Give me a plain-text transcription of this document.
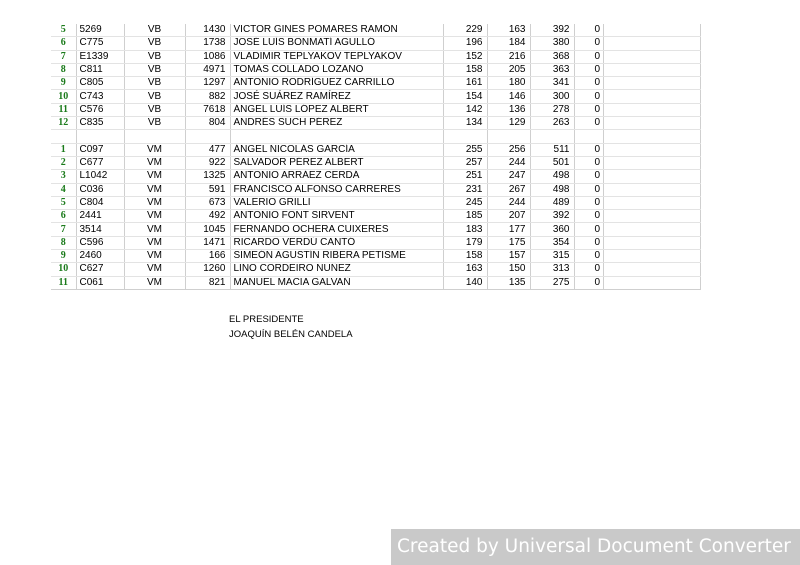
5	5269	VB	1430	VICTOR GINES POMARES RAMÓN	229	163	392	0	
6	C775	VB	1738	JOSÉ LUÍS BONMATÍ AGULLÓ	196	184	380	0	
7	E1339	VB	1086	VLADIMIR TEPLYAKOV TEPLYAKOV	152	216	368	0	
8	C811	VB	4971	TOMÁS COLLADO LOZANO	158	205	363	0	
9	C805	VB	1297	ANTONIO RODRÍGUEZ CARRILLO	161	180	341	0	
10	C743	VB	882	JOSÉ SUÁREZ RAMÍREZ	154	146	300	0	
11	C576	VB	7618	ÁNGEL LUÍS LÓPEZ ALBERT	142	136	278	0	
12	C835	VB	804	ANDRÉS SUCH PÉREZ	134	129	263	0	

1	C097	VM	477	ÁNGEL NICOLÁS GARCÍA	255	256	511	0	
2	C677	VM	922	SALVADOR PÉREZ ALBERT	257	244	501	0	
3	L1042	VM	1325	ANTONIO ARRÁEZ CERDÁ	251	247	498	0	
4	C036	VM	591	FRANCISCO ALFONSO CARRERES	231	267	498	0	
5	C804	VM	673	VALERIO GRILLI	245	244	489	0	
6	2441	VM	492	ANTONIO FONT SIRVENT	185	207	392	0	
7	3514	VM	1045	FERNANDO OCHERA CUIXERES	183	177	360	0	
8	C596	VM	1471	RICARDO VERDÚ CANTÓ	179	175	354	0	
9	2460	VM	166	SIMEÓN AGUSTÍN RIBERA PETISME	158	157	315	0	
10	C627	VM	1260	LINO CORDEIRO NUÑEZ	163	150	313	0	
11	C061	VM	821	MANUEL MACIA GALVAÑ	140	135	275	0	
EL PRESIDENTE
JOAQUÍN BELÉN CANDELA
Created by Universal Document Converter
